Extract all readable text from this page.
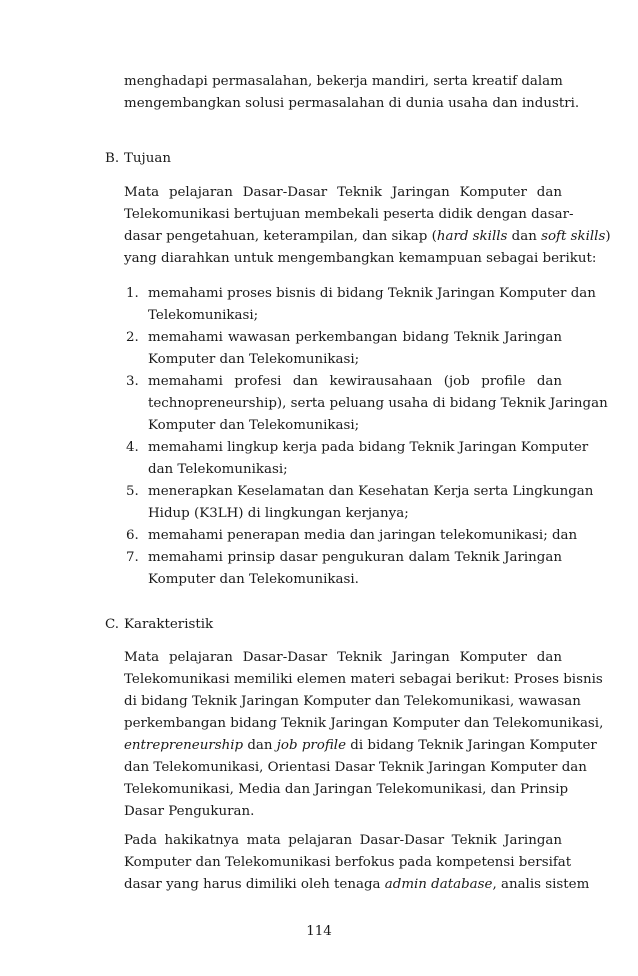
menghadapi permasalahan, bekerja mandiri, serta kreatif dalam
mengembangkan solusi permasalahan di dunia usaha dan industri.
B. Tujuan
Mata pelajaran Dasar-Dasar Teknik Jaringan Komputer dan
Telekomunikasi bertujuan membekali peserta didik dengan dasar-
dasar pengetahuan, keterampilan, dan sikap (hard skills dan soft skills)
yang diarahkan untuk mengembangkan kemampuan sebagai berikut:
1. memahami proses bisnis di bidang Teknik Jaringan Komputer dan
Telekomunikasi;
2. memahami wawasan perkembangan bidang Teknik Jaringan
Komputer dan Telekomunikasi;
3. memahami profesi dan kewirausahaan (job profile dan
technopreneurship), serta peluang usaha di bidang Teknik Jaringan
Komputer dan Telekomunikasi;
4. memahami lingkup kerja pada bidang Teknik Jaringan Komputer
dan Telekomunikasi;
5. menerapkan Keselamatan dan Kesehatan Kerja serta Lingkungan
Hidup (K3LH) di lingkungan kerjanya;
6. memahami penerapan media dan jaringan telekomunikasi; dan
7. memahami prinsip dasar pengukuran dalam Teknik Jaringan
Komputer dan Telekomunikasi.
C. Karakteristik
Mata pelajaran Dasar-Dasar Teknik Jaringan Komputer dan
Telekomunikasi memiliki elemen materi sebagai berikut: Proses bisnis
di bidang Teknik Jaringan Komputer dan Telekomunikasi, wawasan
perkembangan bidang Teknik Jaringan Komputer dan Telekomunikasi,
entrepreneurship dan job profile di bidang Teknik Jaringan Komputer
dan Telekomunikasi, Orientasi Dasar Teknik Jaringan Komputer dan
Telekomunikasi, Media dan Jaringan Telekomunikasi, dan Prinsip
Dasar Pengukuran.
Pada hakikatnya mata pelajaran Dasar-Dasar Teknik Jaringan
Komputer dan Telekomunikasi berfokus pada kompetensi bersifat
dasar yang harus dimiliki oleh tenaga admin database, analis sistem
114
